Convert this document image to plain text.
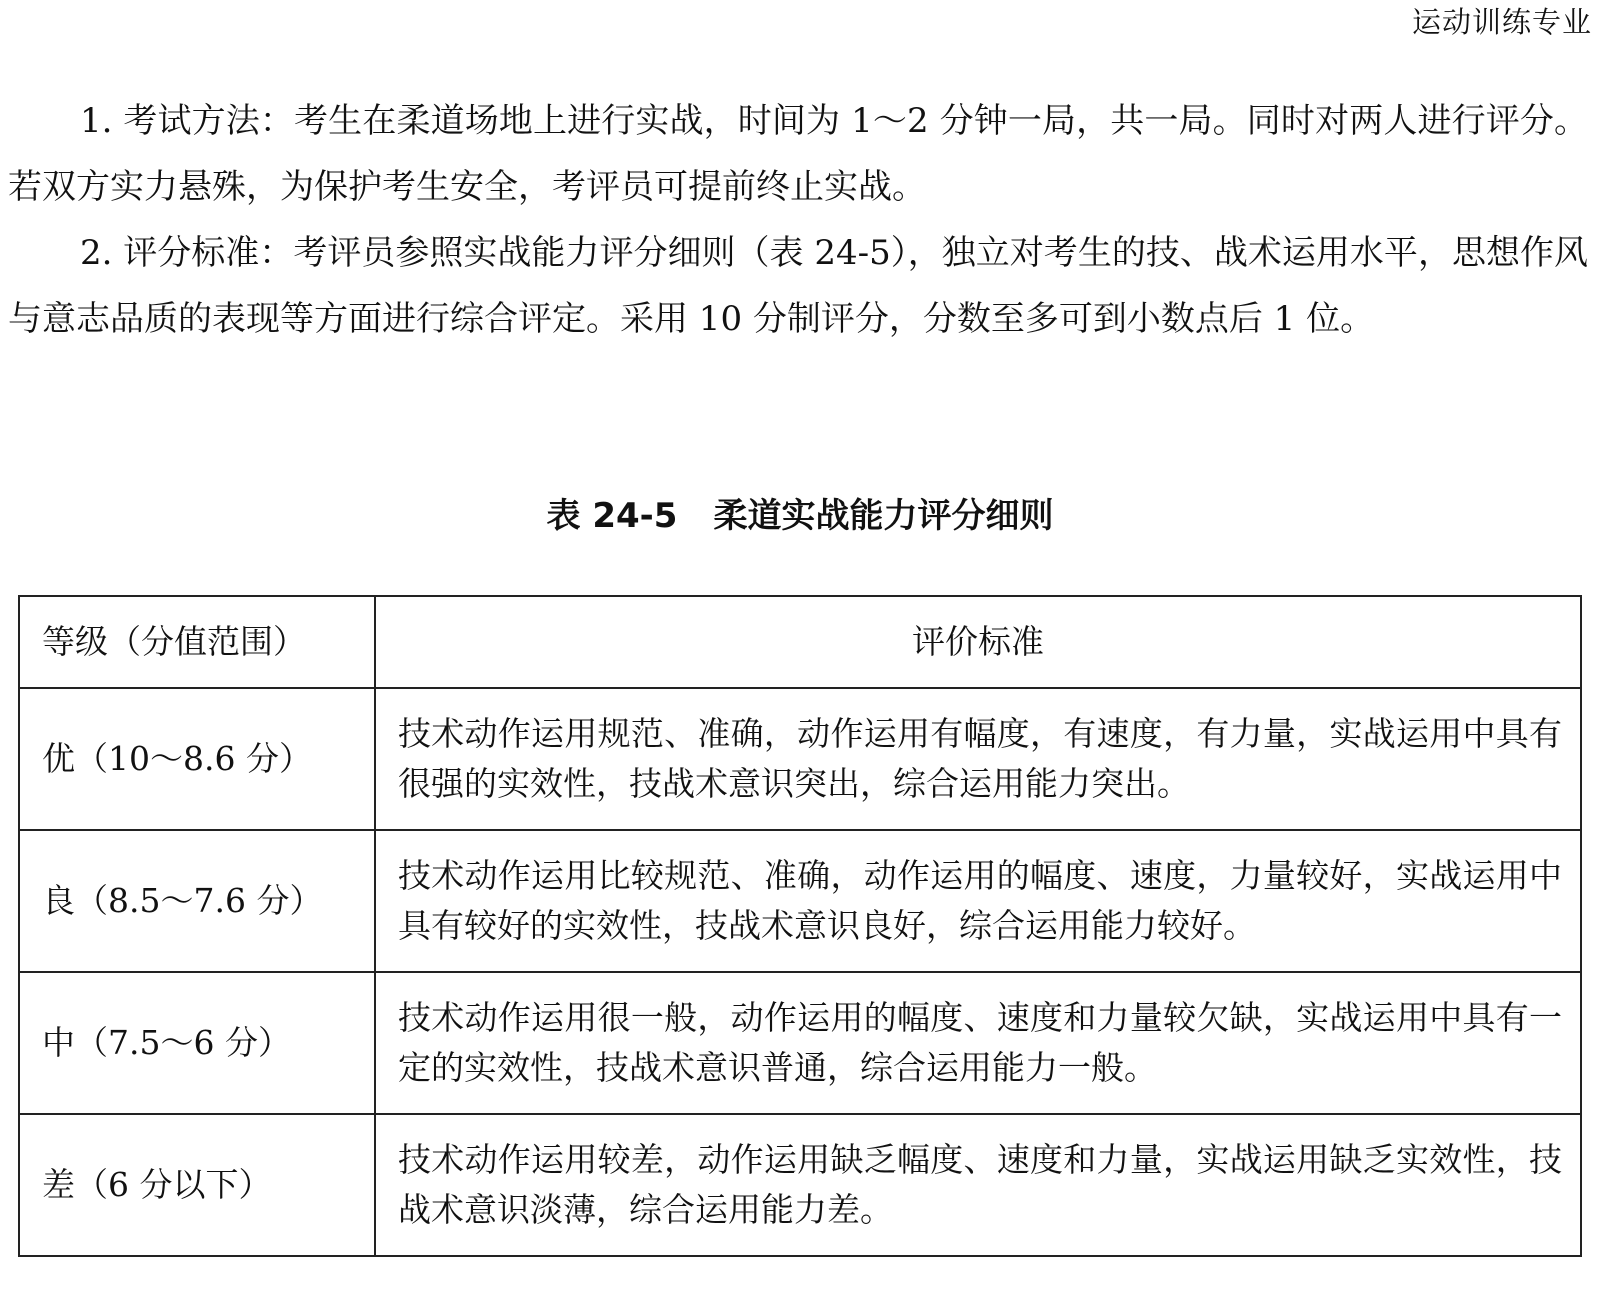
运动训练专业

1. 考试方法：考生在柔道场地上进行实战，时间为 1～2 分钟一局，共一局。同时对两人进行评分。若双方实力悬殊，为保护考生安全，考评员可提前终止实战。

2. 评分标准：考评员参照实战能力评分细则（表 24-5），独立对考生的技、战术运用水平，思想作风与意志品质的表现等方面进行综合评定。采用 10 分制评分，分数至多可到小数点后 1 位。

表 24-5 柔道实战能力评分细则
等级（分值范围）	评价标准
优（10～8.6 分）	技术动作运用规范、准确，动作运用有幅度，有速度，有力量，实战运用中具有很强的实效性，技战术意识突出，综合运用能力突出。
良（8.5～7.6 分）	技术动作运用比较规范、准确，动作运用的幅度、速度，力量较好，实战运用中具有较好的实效性，技战术意识良好，综合运用能力较好。
中（7.5～6 分）	技术动作运用很一般，动作运用的幅度、速度和力量较欠缺，实战运用中具有一定的实效性，技战术意识普通，综合运用能力一般。
差（6 分以下）	技术动作运用较差，动作运用缺乏幅度、速度和力量，实战运用缺乏实效性，技战术意识淡薄，综合运用能力差。
